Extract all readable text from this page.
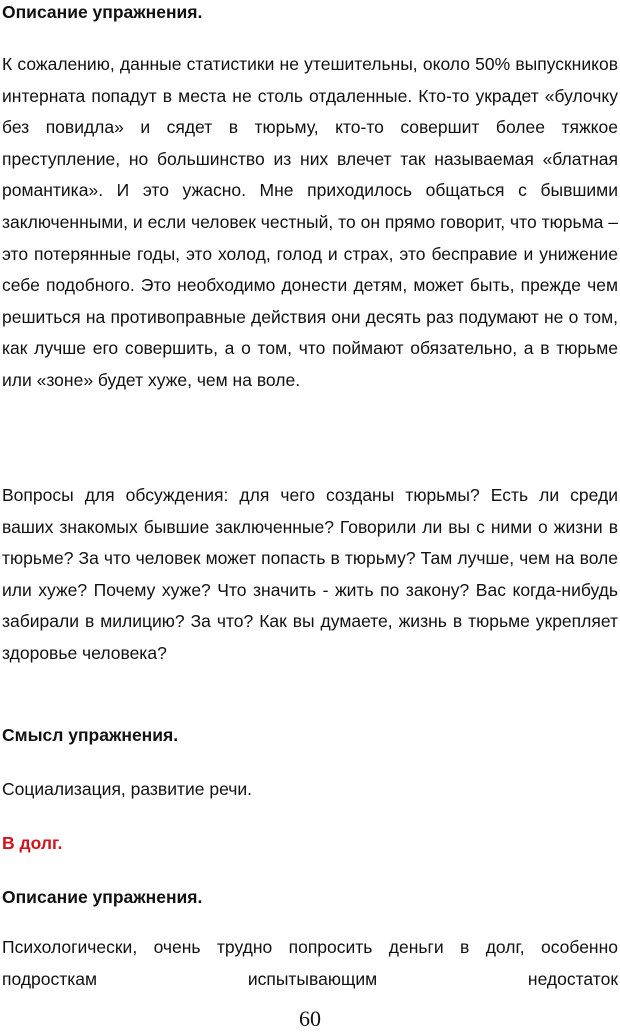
Описание упражнения.

К сожалению, данные статистики не утешительны, около 50% выпускников интерната попадут в места не столь отдаленные. Кто-то украдет «булочку без повидла» и сядет в тюрьму, кто-то совершит более тяжкое преступление, но большинство из них влечет так называемая «блатная романтика». И это ужасно. Мне приходилось общаться с бывшими заключенными, и если человек честный, то он прямо говорит, что тюрьма – это потерянные годы, это холод, голод и страх, это бесправие и унижение себе подобного. Это необходимо донести детям, может быть, прежде чем решиться на противоправные действия они десять раз подумают не о том, как лучше его совершить, а о том, что поймают обязательно, а в тюрьме или «зоне» будет хуже, чем на воле.

Вопросы для обсуждения: для чего созданы тюрьмы? Есть ли среди ваших знакомых бывшие заключенные? Говорили ли вы с ними о жизни в тюрьме? За что человек может попасть в тюрьму? Там лучше, чем на воле или хуже? Почему хуже? Что значить - жить по закону? Вас когда-нибудь забирали в милицию? За что? Как вы думаете, жизнь в тюрьме укрепляет здоровье человека?

Смысл упражнения.

Социализация, развитие речи.

В долг.

Описание упражнения.

Психологически, очень трудно попросить деньги в долг, особенно подросткам испытывающим недостаток

60
